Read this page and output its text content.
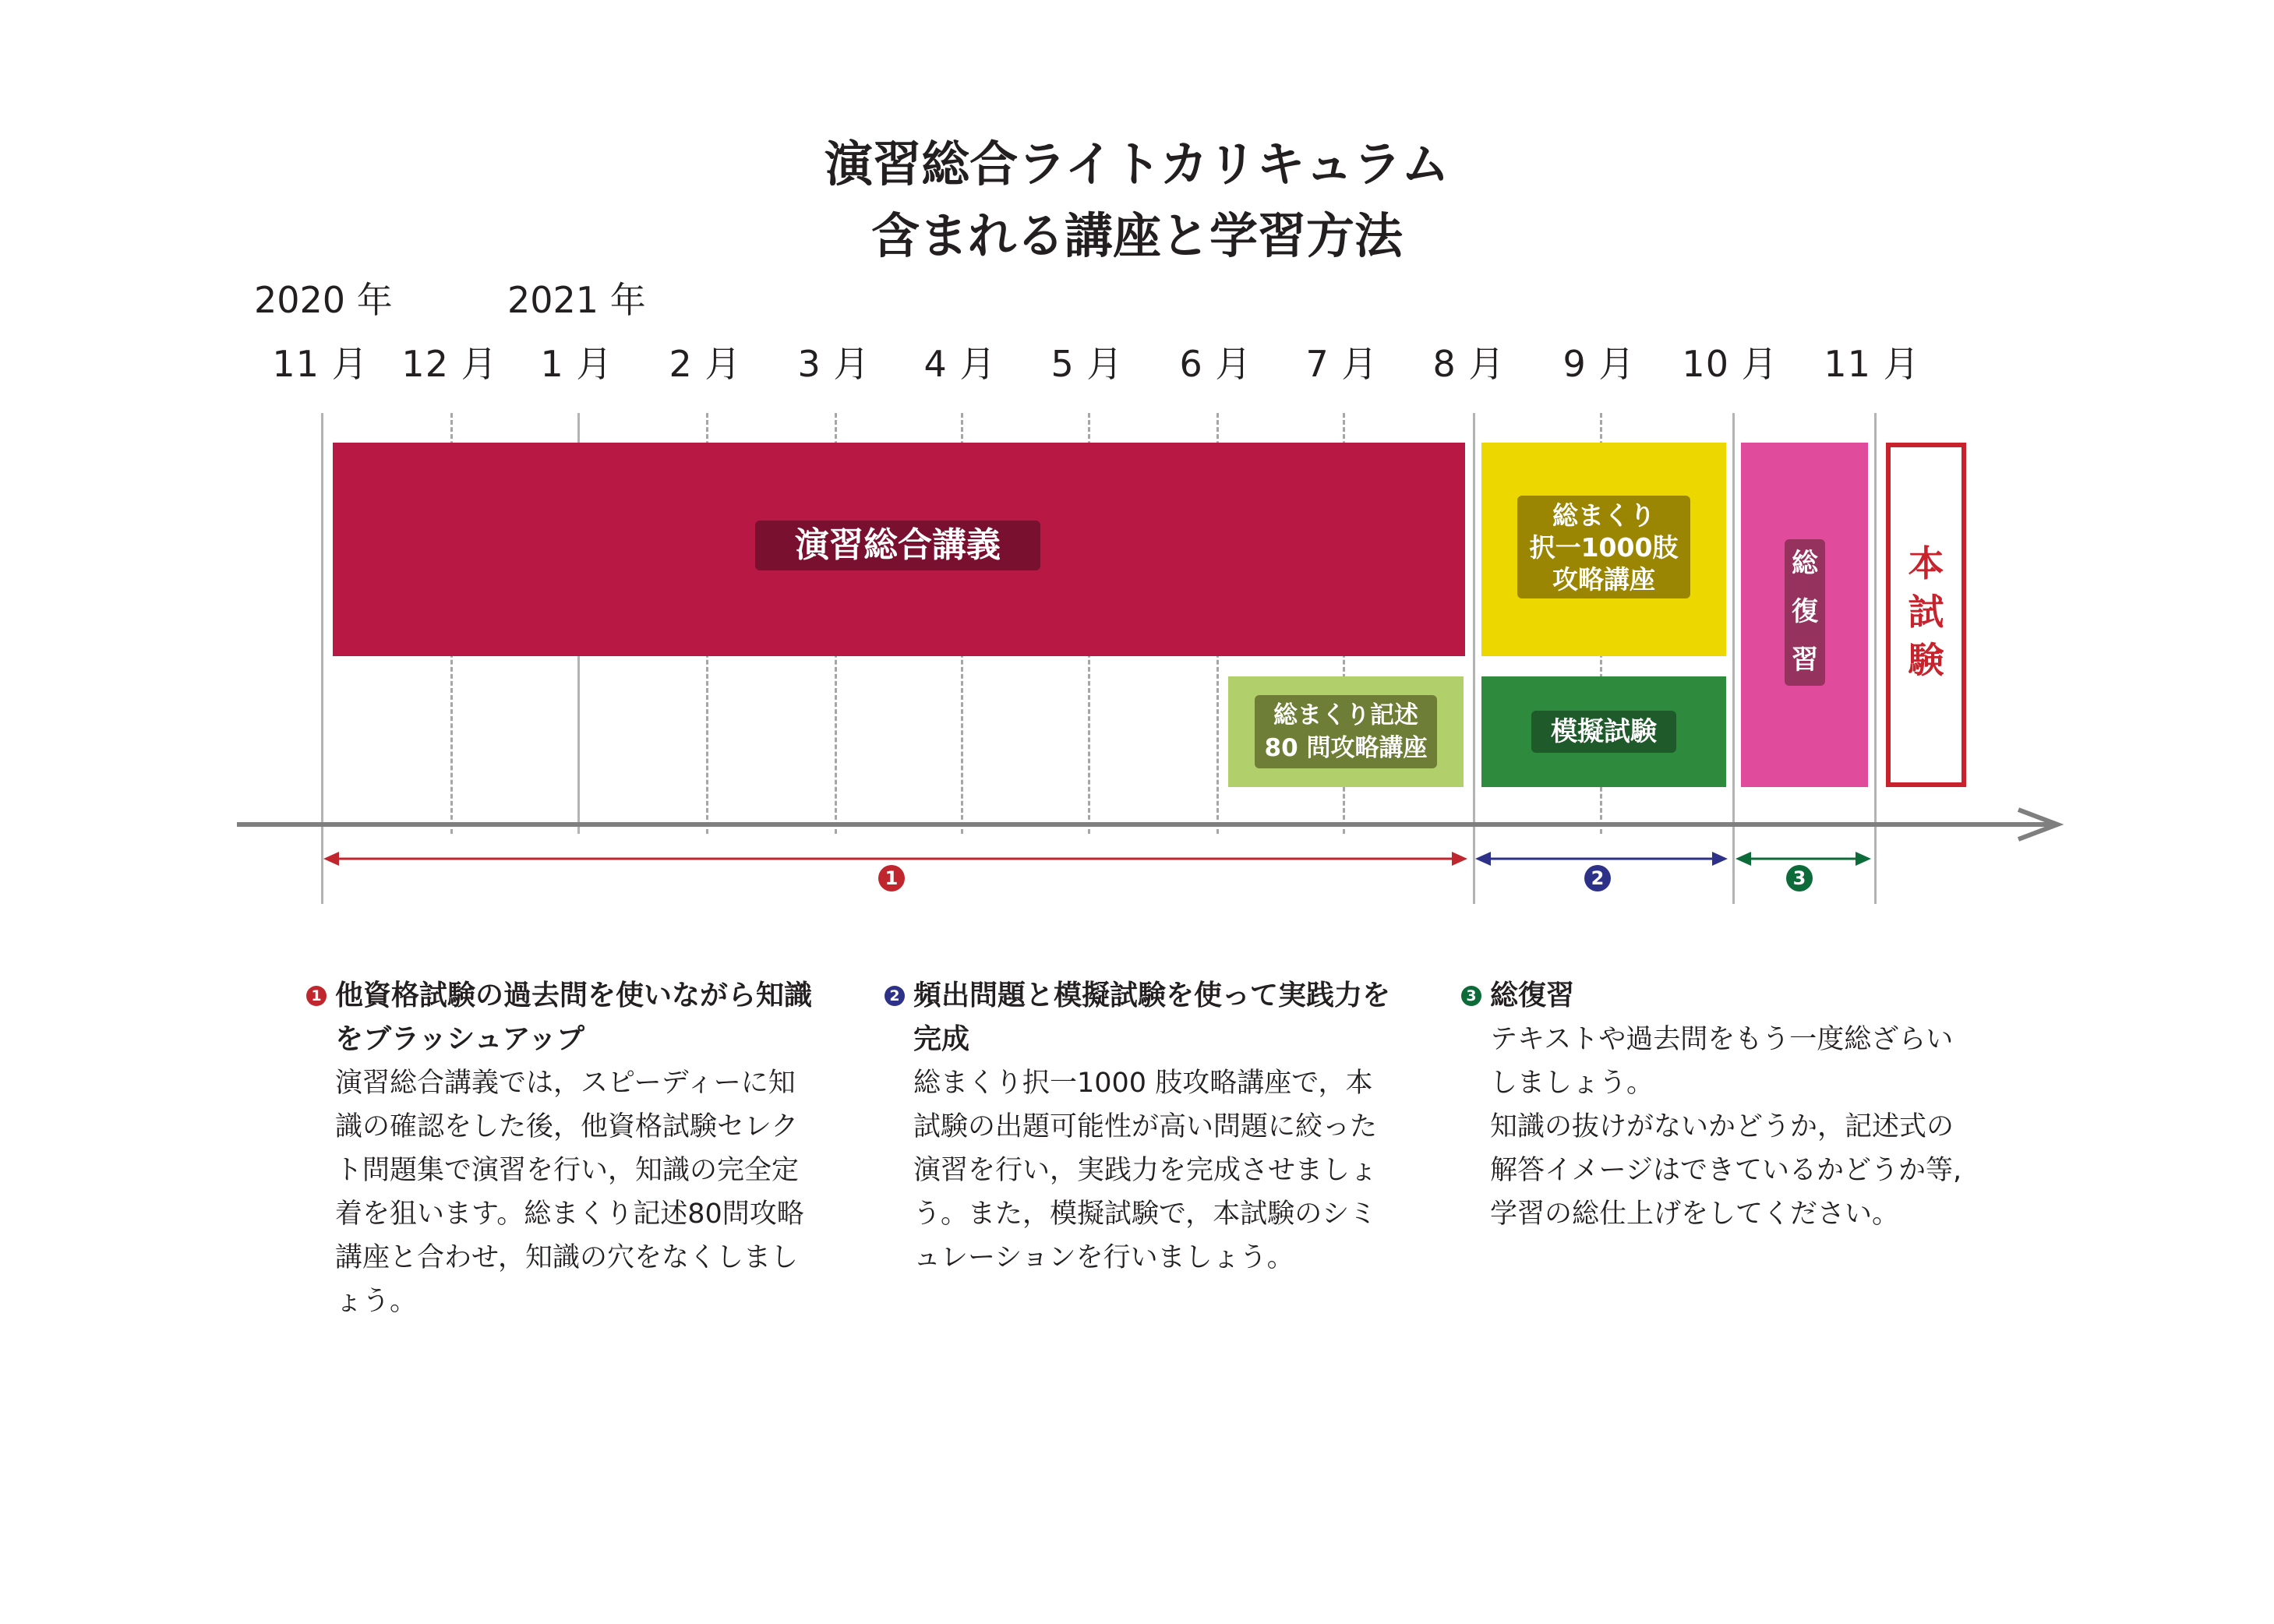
演習総合ライトカリキュラム
含まれる講座と学習方法
2020 年	2021 年
11 月 12 月	1 月	2 月	3 月	4 月	5 月	6 月	7 月	8 月	9 月	10 月 11 月
演習総合講義
総まくり
択一1000肢
攻略講座
総まくり記述
80 問攻略講座
模擬試験
総
復
習
本
試
験
1	2	3
1 他資格試験の過去問を使いながら知識
をブラッシュアップ
演習総合講義では，スピーディーに知
識の確認をした後，他資格試験セレク
ト問題集で演習を行い，知識の完全定
着を狙います。総まくり記述80問攻略
講座と合わせ，知識の穴をなくしまし
ょう。
2 頻出問題と模擬試験を使って実践力を
完成
総まくり択一1000 肢攻略講座で，本
試験の出題可能性が高い問題に絞った
演習を行い，実践力を完成させましょ
う。また，模擬試験で，本試験のシミ
ュレーションを行いましょう。
3 総復習
テキストや過去問をもう一度総ざらい
しましょう。
知識の抜けがないかどうか，記述式の
解答イメージはできているかどうか等,
学習の総仕上げをしてください。
